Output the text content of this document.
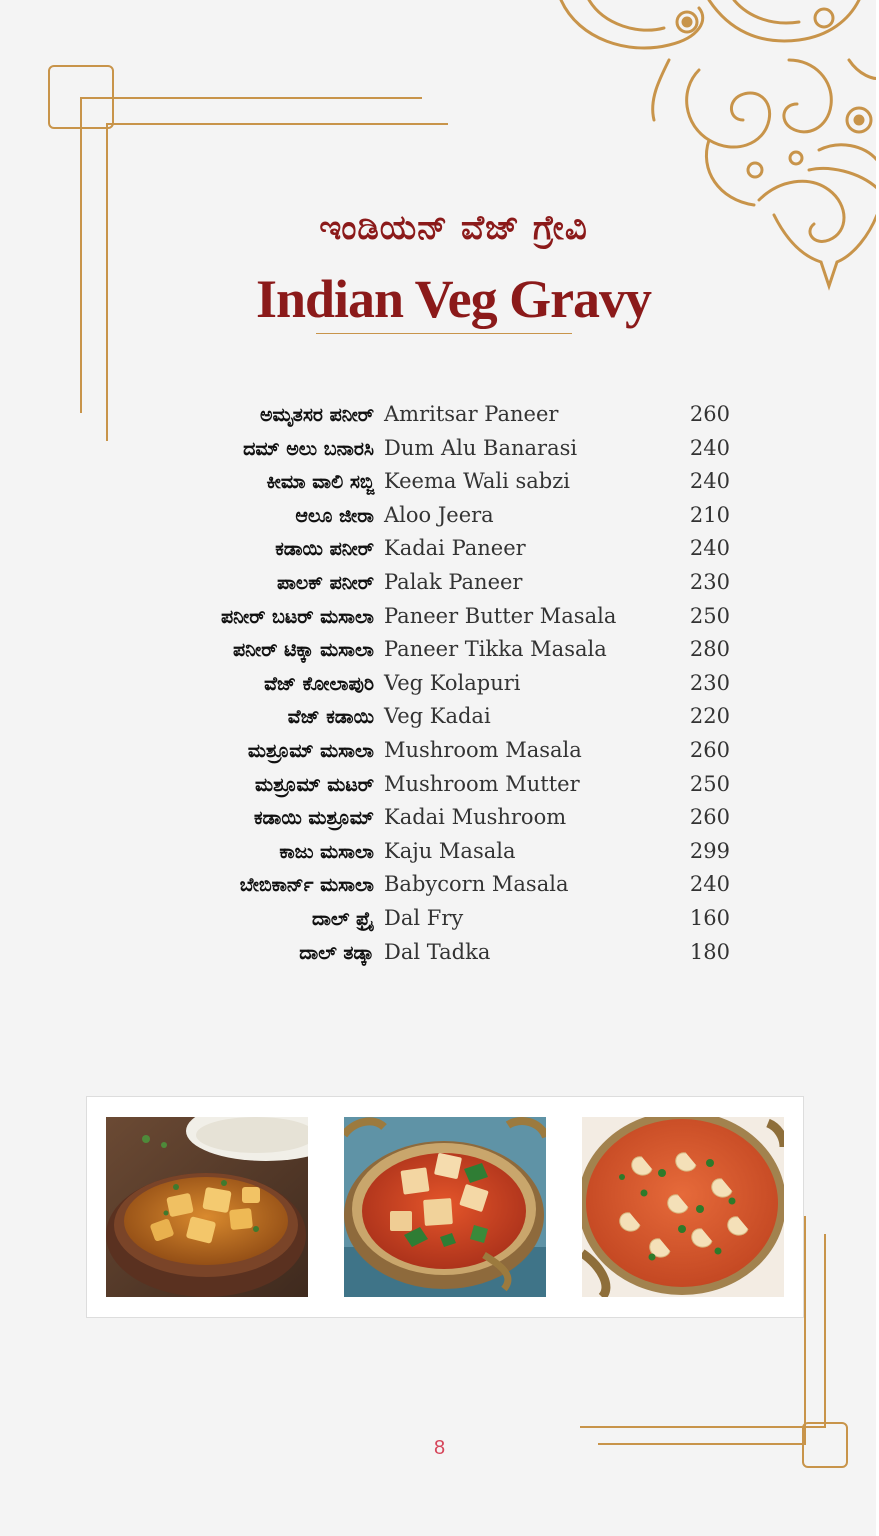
ಇಂಡಿಯನ್ ವೆಜ್ ಗ್ರೇವಿ
Indian Veg Gravy
ಅಮೃತಸರ ಪನೀರ್ Amritsar Paneer	260
ದಮ್ ಅಲು ಬನಾರಸಿ Dum Alu Banarasi	240
ಕೀಮಾ ವಾಲಿ ಸಬ್ಜಿ Keema Wali sabzi	240
ಆಲೂ ಜೀರಾ Aloo Jeera	210
ಕಡಾಯಿ ಪನೀರ್ Kadai Paneer	240
ಪಾಲಕ್ ಪನೀರ್ Palak Paneer	230
ಪನೀರ್ ಬಟರ್ ಮಸಾಲಾ Paneer Butter Masala	250
ಪನೀರ್ ಟಿಕ್ಕಾ ಮಸಾಲಾ Paneer Tikka Masala	280
ವೆಜ್ ಕೋಲಾಪುರಿ Veg Kolapuri	230
ವೆಜ್ ಕಡಾಯಿ Veg Kadai	220
ಮಶ್ರೂಮ್ ಮಸಾಲಾ Mushroom Masala	260
ಮಶ್ರೂಮ್ ಮಟರ್ Mushroom Mutter	250
ಕಡಾಯಿ ಮಶ್ರೂಮ್ Kadai Mushroom	260
ಕಾಜು ಮಸಾಲಾ Kaju Masala	299
ಬೇಬಿಕಾರ್ನ್ ಮಸಾಲಾ Babycorn Masala	240
ದಾಲ್ ಫ್ರೈ Dal Fry	160
ದಾಲ್ ತಡ್ಕಾ Dal Tadka	180
8
